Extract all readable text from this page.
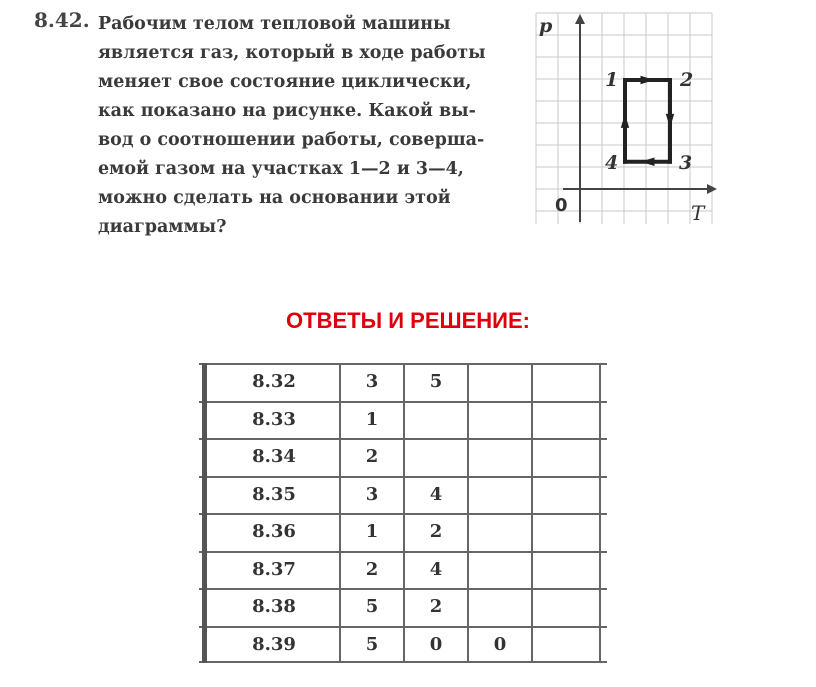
8.42. Рабочим телом тепловой машины
является газ, который в ходе работы
меняет свое состояние циклически,
как показано на рисунке. Какой вы-
вод о соотношении работы, соверша-
емой газом на участках 1—2 и 3—4,
можно сделать на основании этой
диаграммы?
p
T
0
1	2
3
4
ОТВЕТЫ И РЕШЕНИЕ:
8.32	3	5
8.33	1
8.34	2
8.35	3	4
8.36	1	2
8.37	2	4
8.38	5	2
8.39	5	0	0
